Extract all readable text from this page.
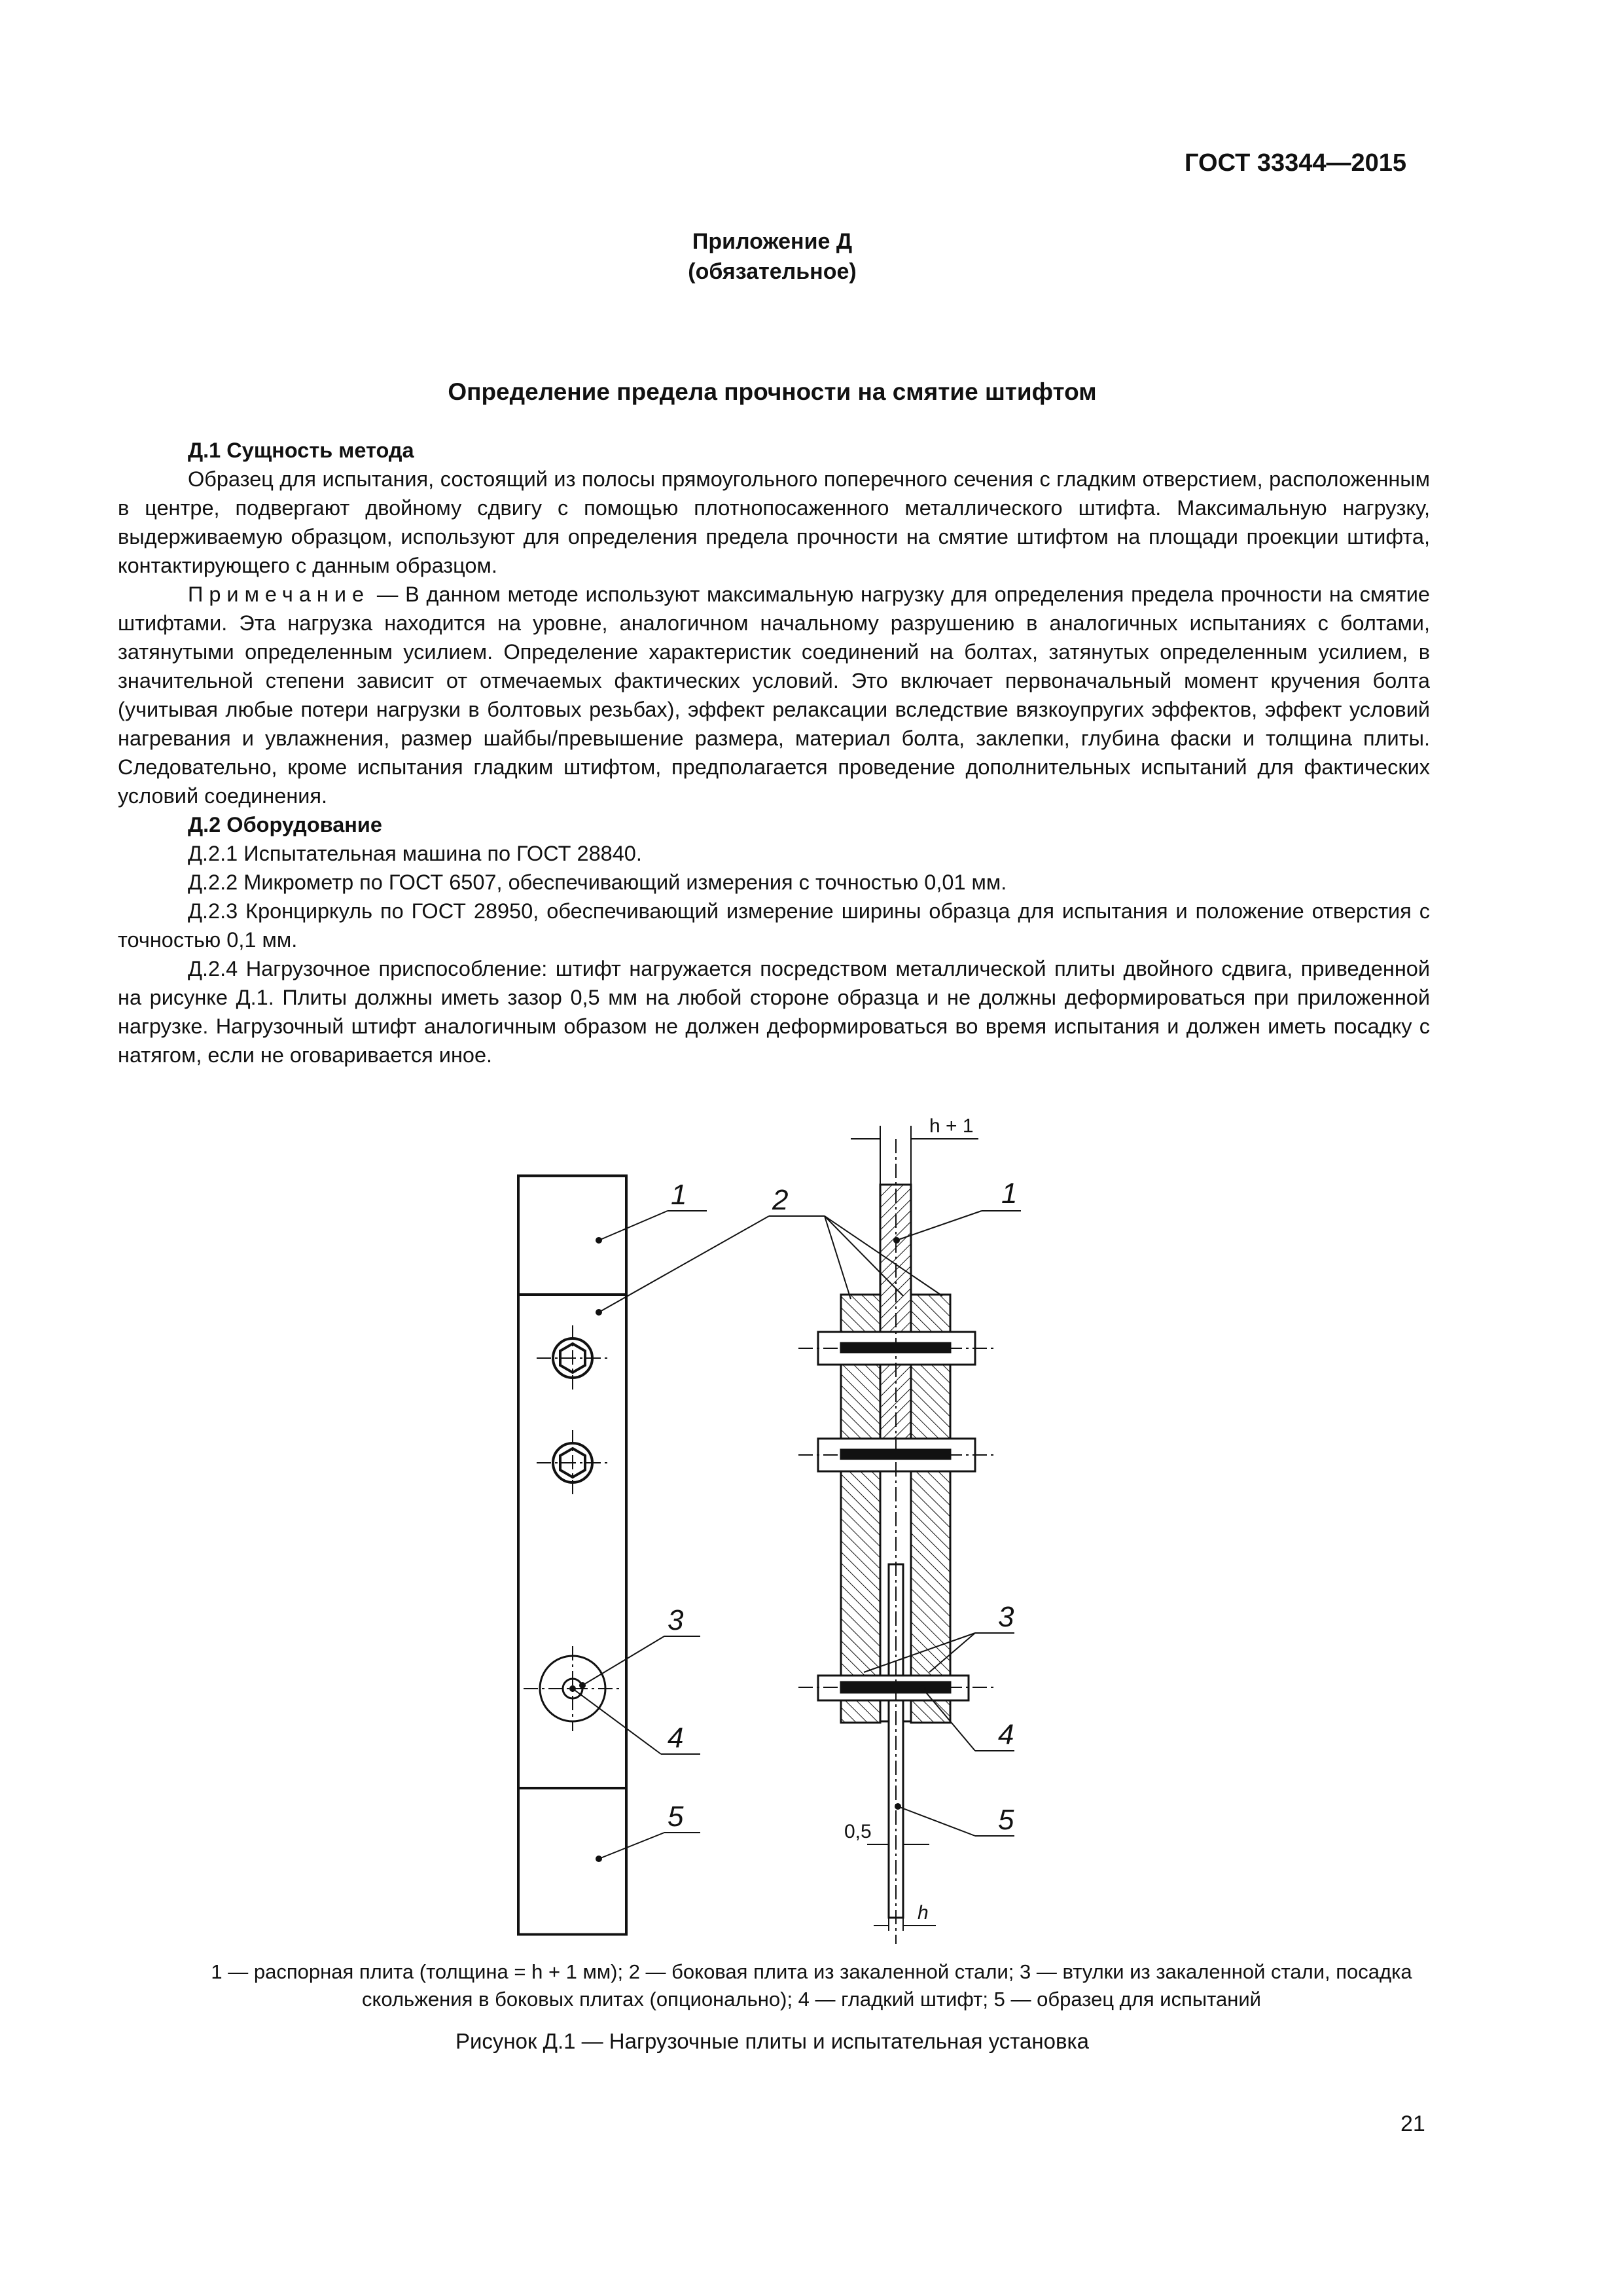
ГОСТ 33344—2015
Приложение Д
(обязательное)
Определение предела прочности на смятие штифтом

Д.1 Сущность метода

Образец для испытания, состоящий из полосы прямоугольного поперечного сечения с гладким отверстием, расположенным в центре, подвергают двойному сдвигу с помощью плотнопосаженного металлического штифта. Максимальную нагрузку, выдерживаемую образцом, используют для определения предела прочности на смятие штифтом на площади проекции штифта, контактирующего с данным образцом.

Примечание — В данном методе используют максимальную нагрузку для определения предела прочности на смятие штифтами. Эта нагрузка находится на уровне, аналогичном начальному разрушению в аналогичных испытаниях с болтами, затянутыми определенным усилием. Определение характеристик соединений на болтах, затянутых определенным усилием, в значительной степени зависит от отмечаемых фактических условий. Это включает первоначальный момент кручения болта (учитывая любые потери нагрузки в болтовых резьбах), эффект релаксации вследствие вязкоупругих эффектов, эффект условий нагревания и увлажнения, размер шайбы/превышение размера, материал болта, заклепки, глубина фаски и толщина плиты. Следовательно, кроме испытания гладким штифтом, предполагается проведение дополнительных испытаний для фактических условий соединения.

Д.2 Оборудование

Д.2.1 Испытательная машина по ГОСТ 28840.

Д.2.2 Микрометр по ГОСТ 6507, обеспечивающий измерения с точностью 0,01 мм.

Д.2.3 Кронциркуль по ГОСТ 28950, обеспечивающий измерение ширины образца для испытания и положение отверстия с точностью 0,1 мм.

Д.2.4 Нагрузочное приспособление: штифт нагружается посредством металлической плиты двойного сдвига, приведенной на рисунке Д.1. Плиты должны иметь зазор 0,5 мм на любой стороне образца и не должны деформироваться при приложенной нагрузке. Нагрузочный штифт аналогичным образом не должен деформироваться во время испытания и должен иметь посадку с натягом, если не оговаривается иное.

1	2	1
3
4
5
3
4
5
h + 1
0,5
h
1 — распорная плита (толщина = h + 1 мм); 2 — боковая плита из закаленной стали; 3 — втулки из закаленной стали, посадка
скольжения в боковых плитах (опционально); 4 — гладкий штифт; 5 — образец для испытаний
Рисунок Д.1 — Нагрузочные плиты и испытательная установка
21
